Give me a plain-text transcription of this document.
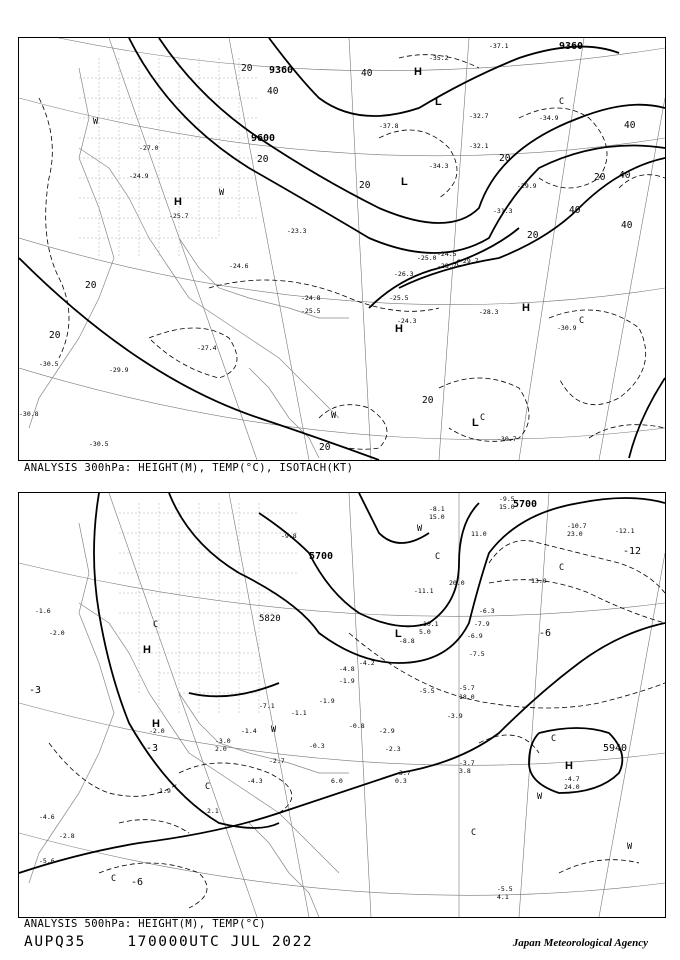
-24.9
-25.7
-23.3
-24.6
-24.8
-25.5
-24.3
-28.3
-30.9
-30.7
-26.3
-25.5
-27.4
-29.9
-30.5
-30.8
-30.5
-32.1
-31.3
-29.9
-34.9
-35.2
-37.1
-32.7
-29.7
-24.5
-25.0
-28.7
-37.8
-34.3
-27.0
9360
9360
9600
20
40
40
20
20
20
20 40
40
20
40
20
20
20
40
20
H
H
L
L
H
H
L
W
W
W
C
C
C
C
ANALYSIS 300hPa: HEIGHT(M), TEMP(°C), ISOTACH(KT)
-9.5
-8.1
-10.7
-12.1
-6.3
-7.9
-10.1
-11.1
-8.8
-5.5	-5.7
-3.9
-4.8
-2.9
-2.3
-3.7
-3.7
-4.7
-5.5
-6.9
-7.5
-9.8
-1.9
-1.1
-2.7
-1.6
-2.0
-4.2
-4.6
-2.8
-5.6
-3.0
-4.3
-0.3
-1.4
-7.1
-0.8
-2.0
-1.9
15.0
15.0
11.0	23.0
20.0	13.0
5.0
18.0
24.0
3.8
4.1
1.9
0.3
2.1
2.0
6.0
5700
5700
5820
5940
-3
-6
-6
-12
-3
H
H
L
H
W
W
W
W
C
C
C
C
C
C
C
ANALYSIS 500hPa: HEIGHT(M), TEMP(°C)
AUPQ35	170000UTC JUL 2022	Japan Meteorological Agency
